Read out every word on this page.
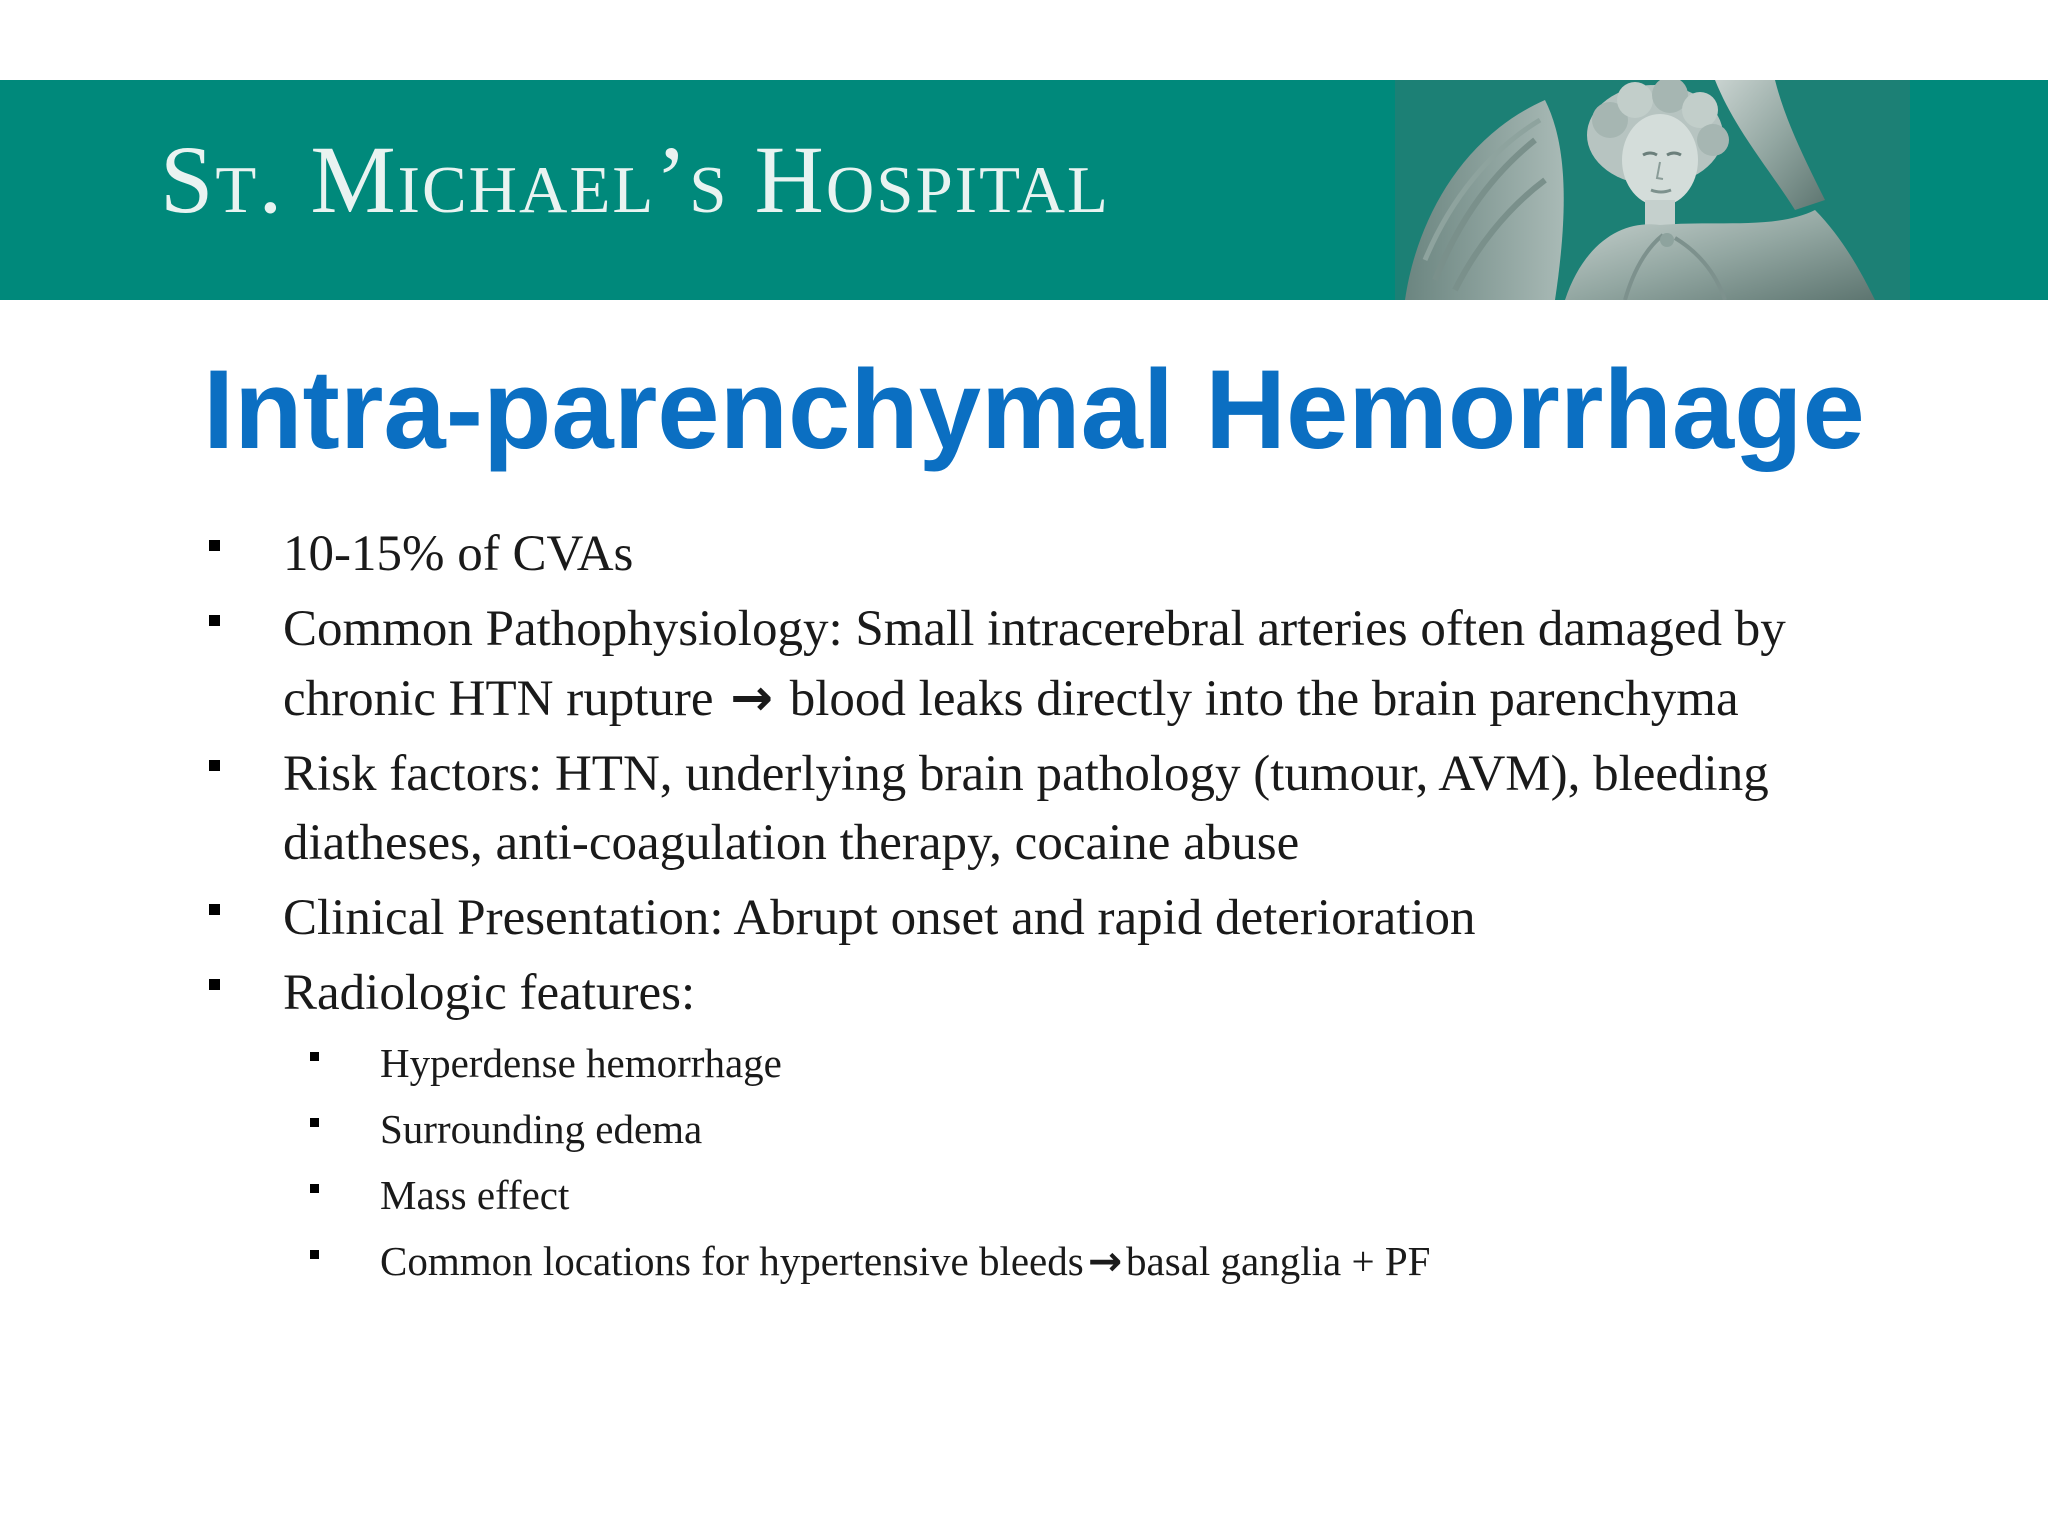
St. Michael’s Hospital
Intra-parenchymal Hemorrhage
10-15% of CVAs
Common Pathophysiology: Small intracerebral arteries often damaged by chronic HTN rupture → blood leaks directly into the brain parenchyma
Risk factors: HTN, underlying brain pathology (tumour, AVM), bleeding diatheses, anti-coagulation therapy, cocaine abuse
Clinical Presentation: Abrupt onset and rapid deterioration
Radiologic features:
Hyperdense hemorrhage
Surrounding edema
Mass effect
Common locations for hypertensive bleeds→basal ganglia + PF
